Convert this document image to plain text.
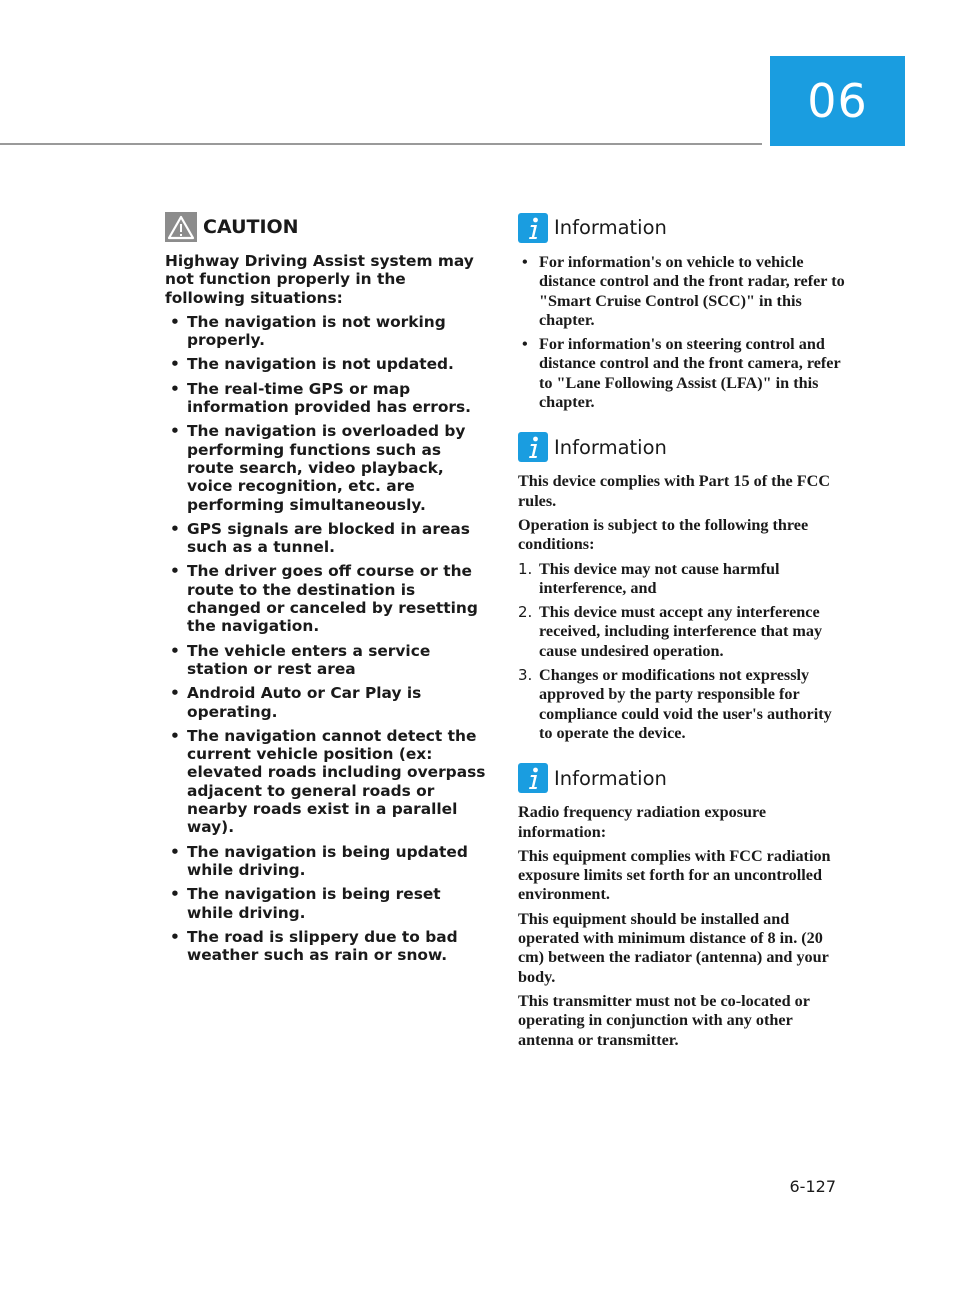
06
CAUTION

Highway Driving Assist system may not function properly in the following situations:

• The navigation is not working properly.
• The navigation is not updated.
• The real-time GPS or map information provided has errors.
• The navigation is overloaded by performing functions such as route search, video playback, voice recognition, etc. are performing simultaneously.
• GPS signals are blocked in areas such as a tunnel.
• The driver goes off course or the route to the destination is changed or canceled by resetting the navigation.
• The vehicle enters a service station or rest area
• Android Auto or Car Play is operating.
• The navigation cannot detect the current vehicle position (ex: elevated roads including overpass adjacent to general roads or nearby roads exist in a parallel way).
• The navigation is being updated while driving.
• The navigation is being reset while driving.
• The road is slippery due to bad weather such as rain or snow.
Information
• For information's on vehicle to vehicle distance control and the front radar, refer to "Smart Cruise Control (SCC)" in this chapter.
• For information's on steering control and distance control and the front camera, refer to "Lane Following Assist (LFA)" in this chapter.
Information

This device complies with Part 15 of the FCC rules.

Operation is subject to the following three conditions:

1. This device may not cause harmful interference, and
2. This device must accept any interference received, including interference that may cause undesired operation.
3. Changes or modifications not expressly approved by the party responsible for compliance could void the user's authority to operate the device.
Information

Radio frequency radiation exposure information:

This equipment complies with FCC radiation exposure limits set forth for an uncontrolled environment.

This equipment should be installed and operated with minimum distance of 8 in. (20 cm) between the radiator (antenna) and your body.

This transmitter must not be co-located or operating in conjunction with any other antenna or transmitter.

6-127
